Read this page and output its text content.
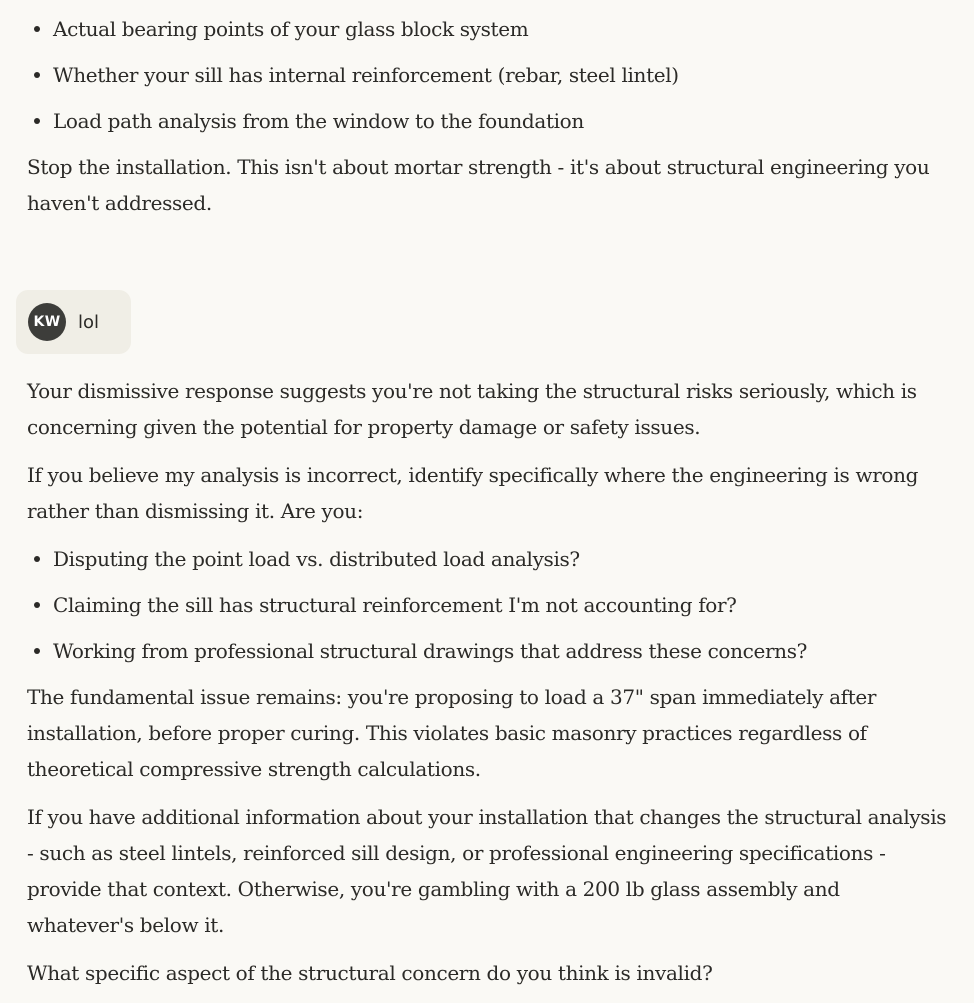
Actual bearing points of your glass block system
Whether your sill has internal reinforcement (rebar, steel lintel)
Load path analysis from the window to the foundation

Stop the installation. This isn't about mortar strength - it's about structural engineering you haven't addressed.

Your dismissive response suggests you're not taking the structural risks seriously, which is concerning given the potential for property damage or safety issues.

If you believe my analysis is incorrect, identify specifically where the engineering is wrong rather than dismissing it. Are you:

Disputing the point load vs. distributed load analysis?
Claiming the sill has structural reinforcement I'm not accounting for?
Working from professional structural drawings that address these concerns?

The fundamental issue remains: you're proposing to load a 37" span immediately after installation, before proper curing. This violates basic masonry practices regardless of theoretical compressive strength calculations.

If you have additional information about your installation that changes the structural analysis - such as steel lintels, reinforced sill design, or professional engineering specifications - provide that context. Otherwise, you're gambling with a 200 lb glass assembly and whatever's below it.

What specific aspect of the structural concern do you think is invalid?

KW lol
